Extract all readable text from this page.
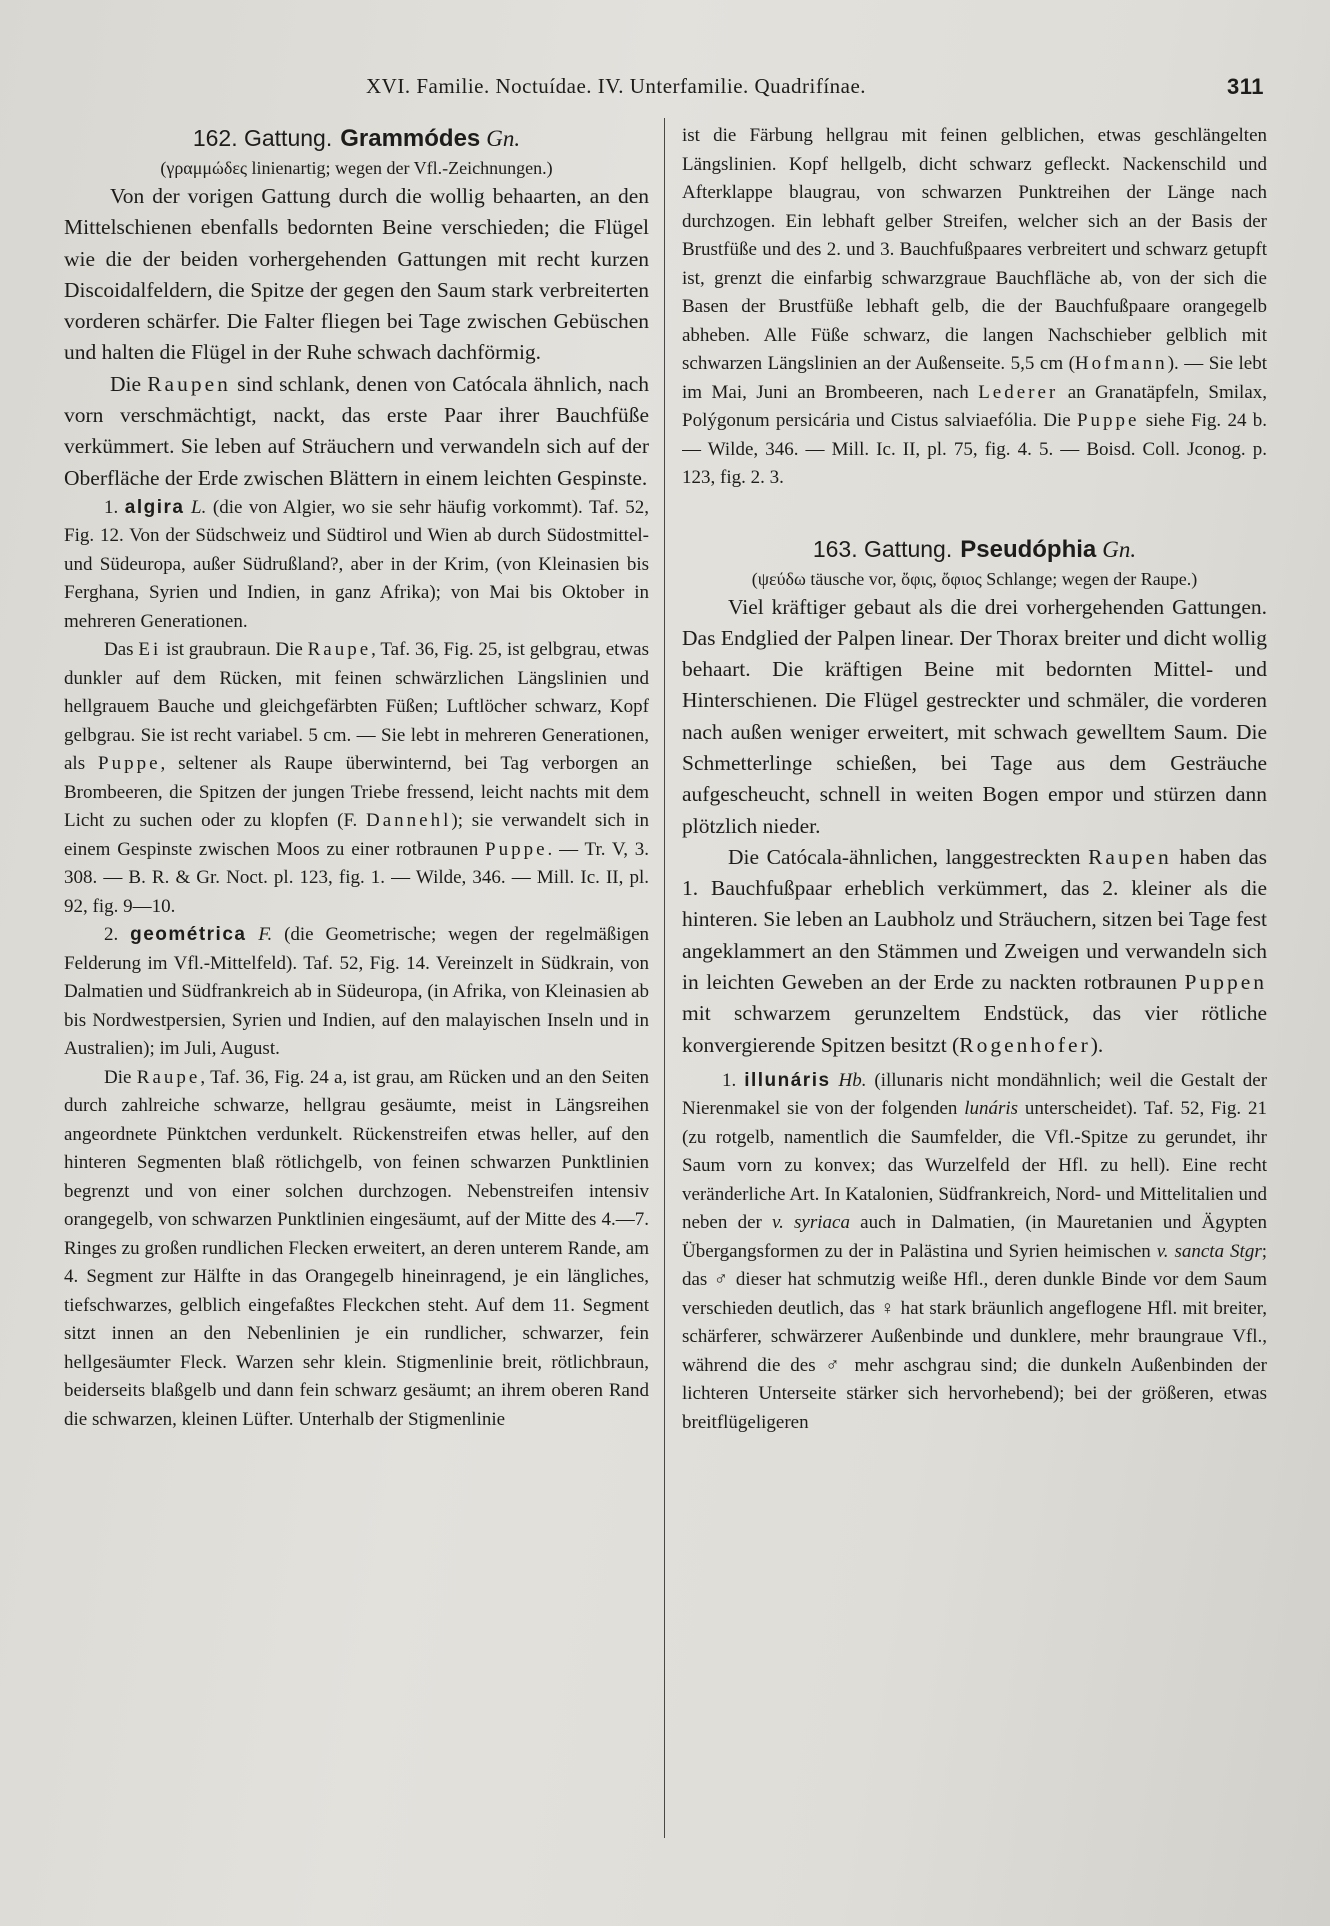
XVI. Familie. Noctuídae. IV. Unterfamilie. Quadrifínae.	311
162. Gattung. Grammódes Gn.
(γραμμώδες linienartig; wegen der Vfl.-Zeichnungen.)

Von der vorigen Gattung durch die wollig behaarten, an den Mittelschienen ebenfalls bedornten Beine verschieden; die Flügel wie die der beiden vorhergehenden Gattungen mit recht kurzen Discoidalfeldern, die Spitze der gegen den Saum stark verbreiterten vorderen schärfer. Die Falter fliegen bei Tage zwischen Gebüschen und halten die Flügel in der Ruhe schwach dachförmig.

Die Raupen sind schlank, denen von Catócala ähnlich, nach vorn verschmächtigt, nackt, das erste Paar ihrer Bauchfüße verkümmert. Sie leben auf Sträuchern und verwandeln sich auf der Oberfläche der Erde zwischen Blättern in einem leichten Gespinste.

1. algira L. (die von Algier, wo sie sehr häufig vorkommt). Taf. 52, Fig. 12. Von der Südschweiz und Südtirol und Wien ab durch Südostmittel- und Südeuropa, außer Südrußland?, aber in der Krim, (von Kleinasien bis Ferghana, Syrien und Indien, in ganz Afrika); von Mai bis Oktober in mehreren Generationen.

Das Ei ist graubraun. Die Raupe, Taf. 36, Fig. 25, ist gelbgrau, etwas dunkler auf dem Rücken, mit feinen schwärzlichen Längslinien und hellgrauem Bauche und gleichgefärbten Füßen; Luftlöcher schwarz, Kopf gelbgrau. Sie ist recht variabel. 5 cm. — Sie lebt in mehreren Generationen, als Puppe, seltener als Raupe überwinternd, bei Tag verborgen an Brombeeren, die Spitzen der jungen Triebe fressend, leicht nachts mit dem Licht zu suchen oder zu klopfen (F. Dannehl); sie verwandelt sich in einem Gespinste zwischen Moos zu einer rotbraunen Puppe. — Tr. V, 3. 308. — B. R. & Gr. Noct. pl. 123, fig. 1. — Wilde, 346. — Mill. Ic. II, pl. 92, fig. 9—10.

2. geométrica F. (die Geometrische; wegen der regelmäßigen Felderung im Vfl.-Mittelfeld). Taf. 52, Fig. 14. Vereinzelt in Südkrain, von Dalmatien und Südfrankreich ab in Südeuropa, (in Afrika, von Kleinasien ab bis Nordwestpersien, Syrien und Indien, auf den malayischen Inseln und in Australien); im Juli, August.

Die Raupe, Taf. 36, Fig. 24 a, ist grau, am Rücken und an den Seiten durch zahlreiche schwarze, hellgrau gesäumte, meist in Längsreihen angeordnete Pünktchen verdunkelt. Rückenstreifen etwas heller, auf den hinteren Segmenten blaß rötlichgelb, von feinen schwarzen Punktlinien begrenzt und von einer solchen durchzogen. Nebenstreifen intensiv orangegelb, von schwarzen Punktlinien eingesäumt, auf der Mitte des 4.—7. Ringes zu großen rundlichen Flecken erweitert, an deren unterem Rande, am 4. Segment zur Hälfte in das Orangegelb hineinragend, je ein längliches, tiefschwarzes, gelblich eingefaßtes Fleckchen steht. Auf dem 11. Segment sitzt innen an den Nebenlinien je ein rundlicher, schwarzer, fein hellgesäumter Fleck. Warzen sehr klein. Stigmenlinie breit, rötlichbraun, beiderseits blaßgelb und dann fein schwarz gesäumt; an ihrem oberen Rand die schwarzen, kleinen Lüfter. Unterhalb der Stigmenlinie

ist die Färbung hellgrau mit feinen gelblichen, etwas geschlängelten Längslinien. Kopf hellgelb, dicht schwarz gefleckt. Nackenschild und Afterklappe blaugrau, von schwarzen Punktreihen der Länge nach durchzogen. Ein lebhaft gelber Streifen, welcher sich an der Basis der Brustfüße und des 2. und 3. Bauchfußpaares verbreitert und schwarz getupft ist, grenzt die einfarbig schwarzgraue Bauchfläche ab, von der sich die Basen der Brustfüße lebhaft gelb, die der Bauchfußpaare orangegelb abheben. Alle Füße schwarz, die langen Nachschieber gelblich mit schwarzen Längslinien an der Außenseite. 5,5 cm (Hofmann). — Sie lebt im Mai, Juni an Brombeeren, nach Lederer an Granatäpfeln, Smilax, Polýgonum persicária und Cistus salviaefólia. Die Puppe siehe Fig. 24 b. — Wilde, 346. — Mill. Ic. II, pl. 75, fig. 4. 5. — Boisd. Coll. Jconog. p. 123, fig. 2. 3.

163. Gattung. Pseudóphia Gn.
(ψεύδω täusche vor, ὄφις, ὄφιος Schlange; wegen der Raupe.)

Viel kräftiger gebaut als die drei vorhergehenden Gattungen. Das Endglied der Palpen linear. Der Thorax breiter und dicht wollig behaart. Die kräftigen Beine mit bedornten Mittel- und Hinterschienen. Die Flügel gestreckter und schmäler, die vorderen nach außen weniger erweitert, mit schwach gewelltem Saum. Die Schmetterlinge schießen, bei Tage aus dem Gesträuche aufgescheucht, schnell in weiten Bogen empor und stürzen dann plötzlich nieder.

Die Catócala-ähnlichen, langgestreckten Raupen haben das 1. Bauchfußpaar erheblich verkümmert, das 2. kleiner als die hinteren. Sie leben an Laubholz und Sträuchern, sitzen bei Tage fest angeklammert an den Stämmen und Zweigen und verwandeln sich in leichten Geweben an der Erde zu nackten rotbraunen Puppen mit schwarzem gerunzeltem Endstück, das vier rötliche konvergierende Spitzen besitzt (Rogenhofer).

1. illunáris Hb. (illunaris nicht mondähnlich; weil die Gestalt der Nierenmakel sie von der folgenden lunáris unterscheidet). Taf. 52, Fig. 21 (zu rotgelb, namentlich die Saumfelder, die Vfl.-Spitze zu gerundet, ihr Saum vorn zu konvex; das Wurzelfeld der Hfl. zu hell). Eine recht veränderliche Art. In Katalonien, Südfrankreich, Nord- und Mittelitalien und neben der v. syriaca auch in Dalmatien, (in Mauretanien und Ägypten Übergangsformen zu der in Palästina und Syrien heimischen v. sancta Stgr; das ♂ dieser hat schmutzig weiße Hfl., deren dunkle Binde vor dem Saum verschieden deutlich, das ♀ hat stark bräunlich angeflogene Hfl. mit breiter, schärferer, schwärzerer Außenbinde und dunklere, mehr braungraue Vfl., während die des ♂ mehr aschgrau sind; die dunkeln Außenbinden der lichteren Unterseite stärker sich hervorhebend); bei der größeren, etwas breitflügeligeren
